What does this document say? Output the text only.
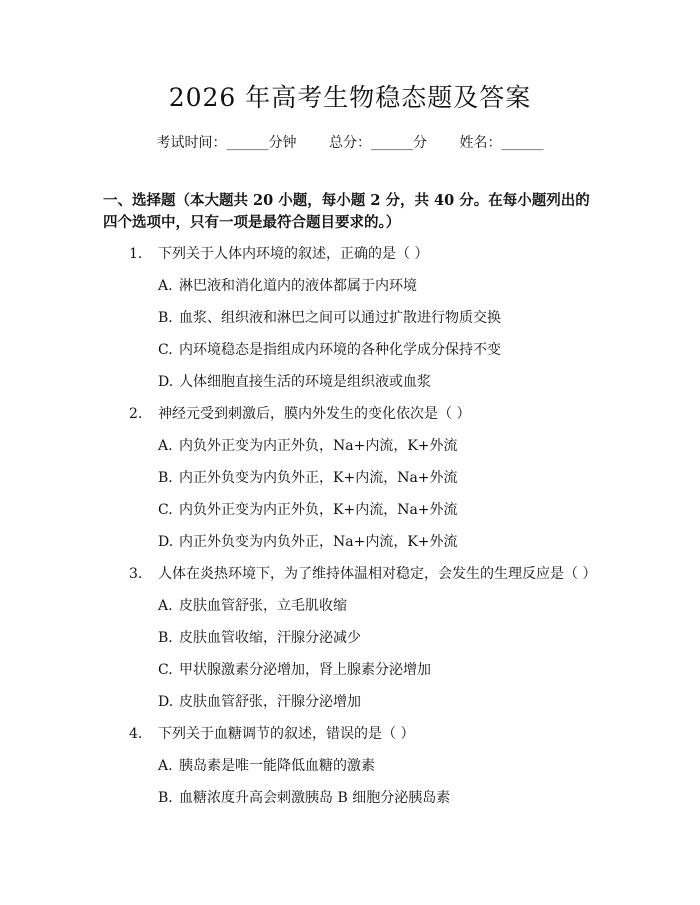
2026 年高考生物稳态题及答案
考试时间：______分钟 总分：______分 姓名：______
一、选择题（本大题共 20 小题，每小题 2 分，共 40 分。在每小题列出的四个选项中，只有一项是最符合题目要求的。）
1. 下列关于人体内环境的叙述，正确的是（ ）
A. 淋巴液和消化道内的液体都属于内环境
B. 血浆、组织液和淋巴之间可以通过扩散进行物质交换
C. 内环境稳态是指组成内环境的各种化学成分保持不变
D. 人体细胞直接生活的环境是组织液或血浆
2. 神经元受到刺激后，膜内外发生的变化依次是（ ）
A. 内负外正变为内正外负，Na+内流，K+外流
B. 内正外负变为内负外正，K+内流，Na+外流
C. 内负外正变为内正外负，K+内流，Na+外流
D. 内正外负变为内负外正，Na+内流，K+外流
3. 人体在炎热环境下，为了维持体温相对稳定，会发生的生理反应是（ ）
A. 皮肤血管舒张，立毛肌收缩
B. 皮肤血管收缩，汗腺分泌减少
C. 甲状腺激素分泌增加，肾上腺素分泌增加
D. 皮肤血管舒张，汗腺分泌增加
4. 下列关于血糖调节的叙述，错误的是（ ）
A. 胰岛素是唯一能降低血糖的激素
B. 血糖浓度升高会刺激胰岛 B 细胞分泌胰岛素
